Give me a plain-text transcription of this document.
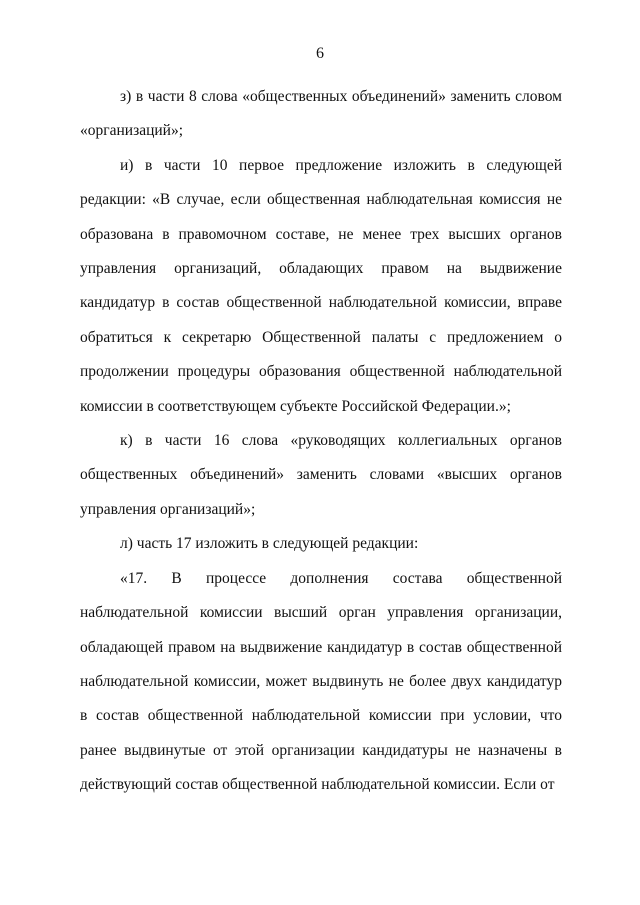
6

з) в части 8 слова «общественных объединений» заменить словом «организаций»;

и) в части 10 первое предложение изложить в следующей редакции: «В случае, если общественная наблюдательная комиссия не образована в правомочном составе, не менее трех высших органов управления организаций, обладающих правом на выдвижение кандидатур в состав общественной наблюдательной комиссии, вправе обратиться к секретарю Общественной палаты с предложением о продолжении процедуры образования общественной наблюдательной комиссии в соответствующем субъекте Российской Федерации.»;

к) в части 16 слова «руководящих коллегиальных органов общественных объединений» заменить словами «высших органов управления организаций»;

л) часть 17 изложить в следующей редакции:

«17. В процессе дополнения состава общественной наблюдательной комиссии высший орган управления организации, обладающей правом на выдвижение кандидатур в состав общественной наблюдательной комиссии, может выдвинуть не более двух кандидатур в состав общественной наблюдательной комиссии при условии, что ранее выдвинутые от этой организации кандидатуры не назначены в действующий состав общественной наблюдательной комиссии. Если от
